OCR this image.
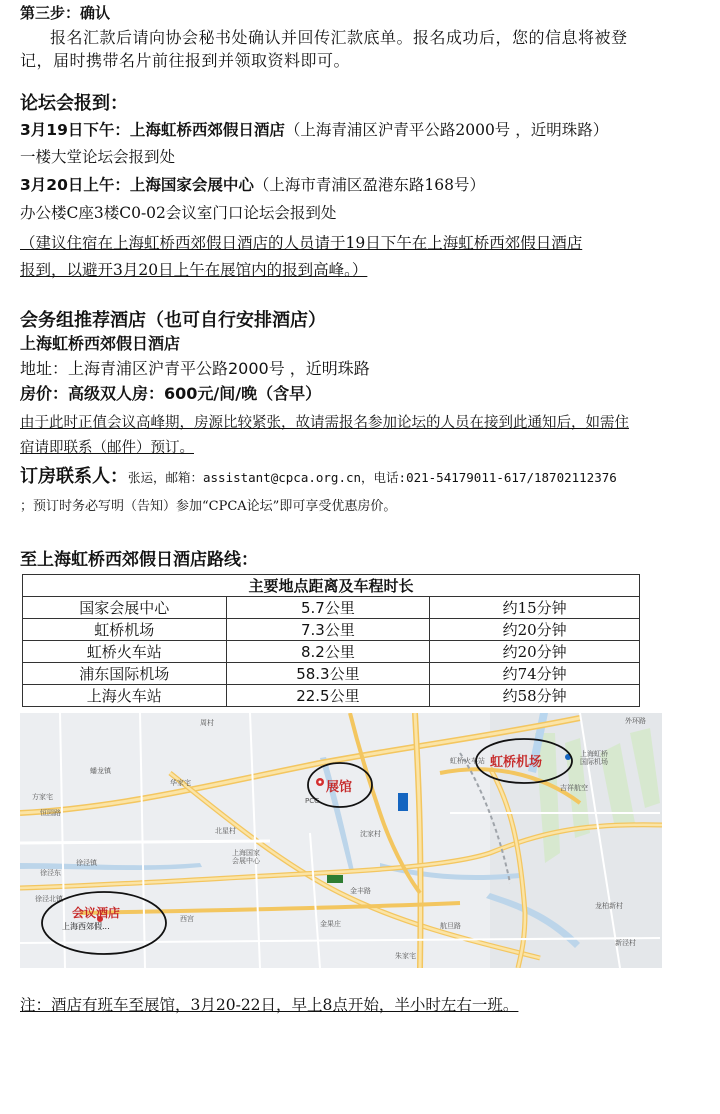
第三步：确认
报名汇款后请向协会秘书处确认并回传汇款底单。报名成功后，您的信息将被登
记，届时携带名片前往报到并领取资料即可。
论坛会报到：
3月19日下午：上海虹桥西郊假日酒店（上海青浦区沪青平公路2000号 ，近明珠路）
一楼大堂论坛会报到处
3月20日上午：上海国家会展中心（上海市青浦区盈港东路168号）
办公楼C座3楼C0-02会议室门口论坛会报到处
（建议住宿在上海虹桥西郊假日酒店的人员请于19日下午在上海虹桥西郊假日酒店
报到，以避开3月20日上午在展馆内的报到高峰。）
会务组推荐酒店（也可自行安排酒店）
上海虹桥西郊假日酒店
地址：上海青浦区沪青平公路2000号 ，近明珠路
房价：高级双人房：600元/间/晚（含早）
由于此时正值会议高峰期，房源比较紧张，故请需报名参加论坛的人员在接到此通知后，如需住
宿请即联系（邮件）预订。
订房联系人：张运，邮箱：assistant@cpca.org.cn，电话:021-54179011-617/18702112376
；预订时务必写明（告知）参加“CPCA论坛”即可享受优惠房价。
至上海虹桥西郊假日酒店路线：
主要地点距离及车程时长		
国家会展中心	5.7公里	约15分钟
虹桥机场	7.3公里	约20分钟
虹桥火车站	8.2公里	约20分钟
浦东国际机场	58.3公里	约74分钟
上海火车站	22.5公里	约58分钟
周村
蟠龙镇
方家宅
华家宅
恒园路
北星村
上海国家
会展中心
徐泾镇
徐泾东
沈家村
PCG
虹桥火车站
上海虹桥
国际机场
吉祥航空
徐泾北镇
西宫
金果庄
金丰路
航旦路
龙柏新村
新泾村
朱家宅
外环路
展馆
虹桥机场
会议酒店
上海西郊假...
注：酒店有班车至展馆，3月20-22日，早上8点开始，半小时左右一班。
